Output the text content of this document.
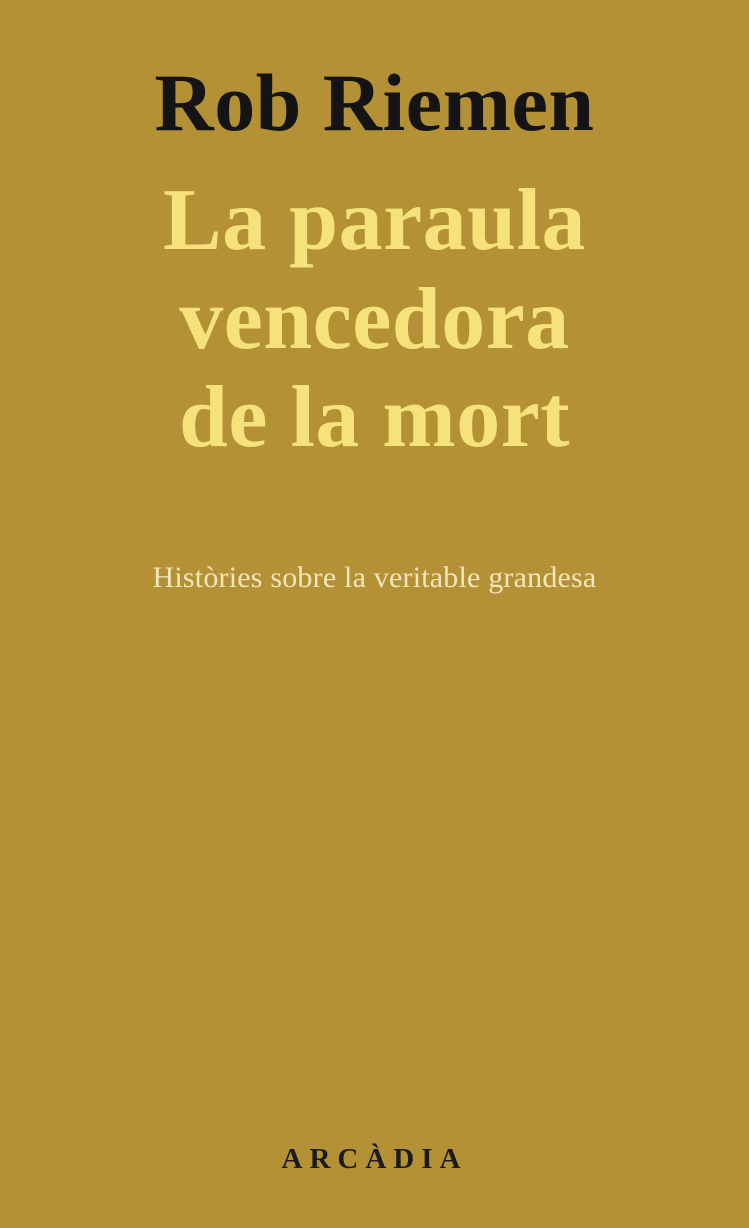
Rob Riemen
La paraula
vencedora
de la mort
Històries sobre la veritable grandesa
ARCÀDIA
